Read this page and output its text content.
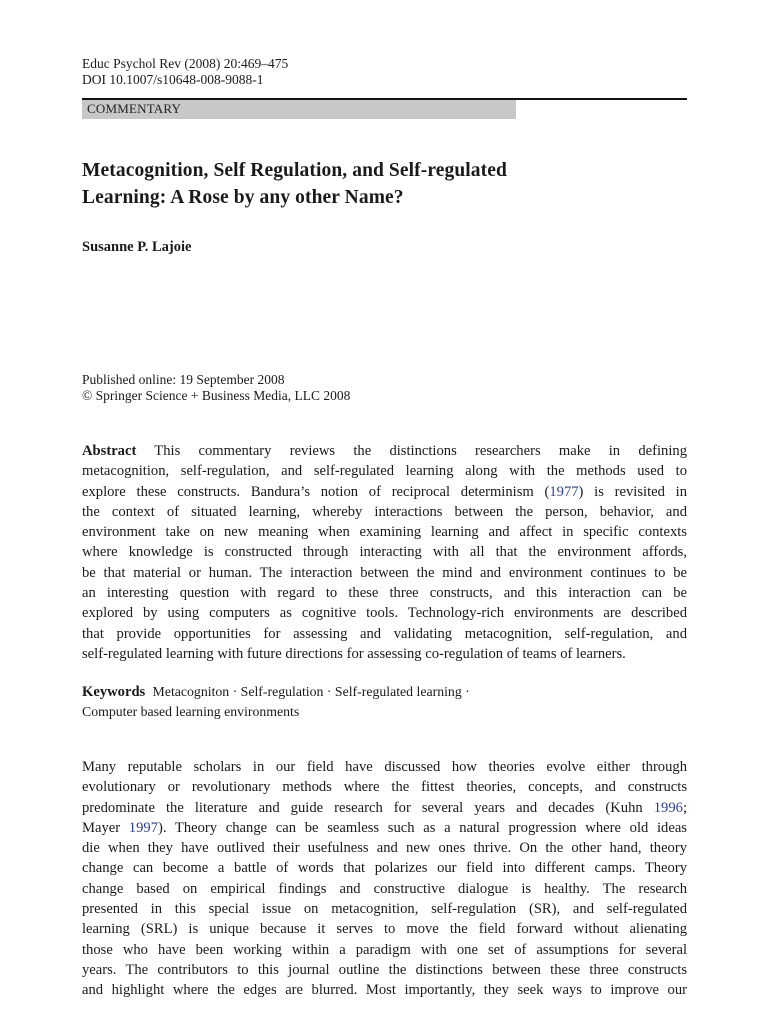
Educ Psychol Rev (2008) 20:469–475
DOI 10.1007/s10648-008-9088-1
COMMENTARY
Metacognition, Self Regulation, and Self-regulated
Learning: A Rose by any other Name?
Susanne P. Lajoie
Published online: 19 September 2008
© Springer Science + Business Media, LLC 2008
Abstract This commentary reviews the distinctions researchers make in defining
metacognition, self-regulation, and self-regulated learning along with the methods used to
explore these constructs. Bandura’s notion of reciprocal determinism (1977) is revisited in
the context of situated learning, whereby interactions between the person, behavior, and
environment take on new meaning when examining learning and affect in specific contexts
where knowledge is constructed through interacting with all that the environment affords,
be that material or human. The interaction between the mind and environment continues to be
an interesting question with regard to these three constructs, and this interaction can be
explored by using computers as cognitive tools. Technology-rich environments are described
that provide opportunities for assessing and validating metacognition, self-regulation, and
self-regulated learning with future directions for assessing co-regulation of teams of learners.
Keywords Metacogniton · Self-regulation · Self-regulated learning ·
Computer based learning environments
Many reputable scholars in our field have discussed how theories evolve either through
evolutionary or revolutionary methods where the fittest theories, concepts, and constructs
predominate the literature and guide research for several years and decades (Kuhn 1996;
Mayer 1997). Theory change can be seamless such as a natural progression where old ideas
die when they have outlived their usefulness and new ones thrive. On the other hand, theory
change can become a battle of words that polarizes our field into different camps. Theory
change based on empirical findings and constructive dialogue is healthy. The research
presented in this special issue on metacognition, self-regulation (SR), and self-regulated
learning (SRL) is unique because it serves to move the field forward without alienating
those who have been working within a paradigm with one set of assumptions for several
years. The contributors to this journal outline the distinctions between these three constructs
and highlight where the edges are blurred. Most importantly, they seek ways to improve our
